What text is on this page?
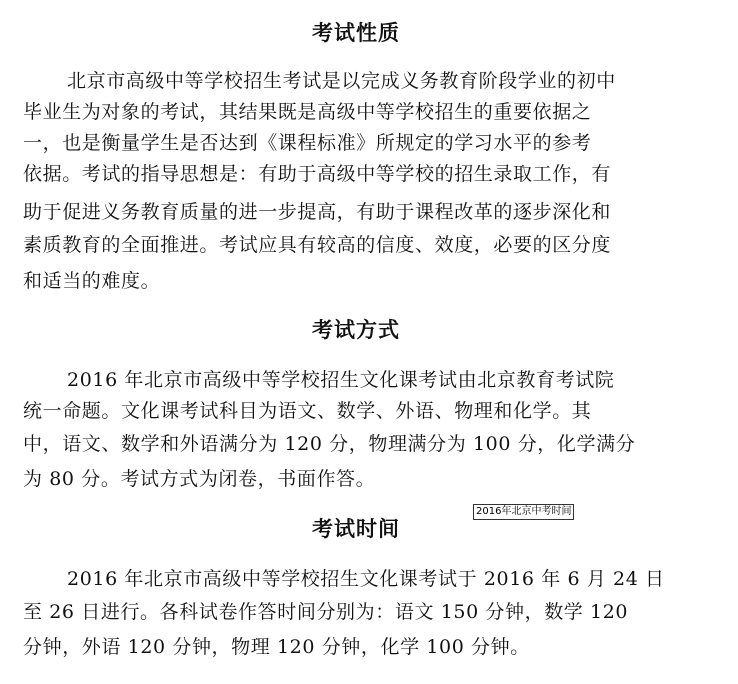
考试性质
北京市高级中等学校招生考试是以完成义务教育阶段学业的初中
毕业生为对象的考试，其结果既是高级中等学校招生的重要依据之
一，也是衡量学生是否达到《课程标准》所规定的学习水平的参考
依据。考试的指导思想是：有助于高级中等学校的招生录取工作，有
助于促进义务教育质量的进一步提高，有助于课程改革的逐步深化和
素质教育的全面推进。考试应具有较高的信度、效度，必要的区分度
和适当的难度。
考试方式
2016 年北京市高级中等学校招生文化课考试由北京教育考试院
统一命题。文化课考试科目为语文、数学、外语、物理和化学。其
中，语文、数学和外语满分为 120 分，物理满分为 100 分，化学满分
为 80 分。考试方式为闭卷，书面作答。
2016年北京中考时间
考试时间
2016 年北京市高级中等学校招生文化课考试于 2016 年 6 月 24 日
至 26 日进行。各科试卷作答时间分别为：语文 150 分钟，数学 120
分钟，外语 120 分钟，物理 120 分钟，化学 100 分钟。
